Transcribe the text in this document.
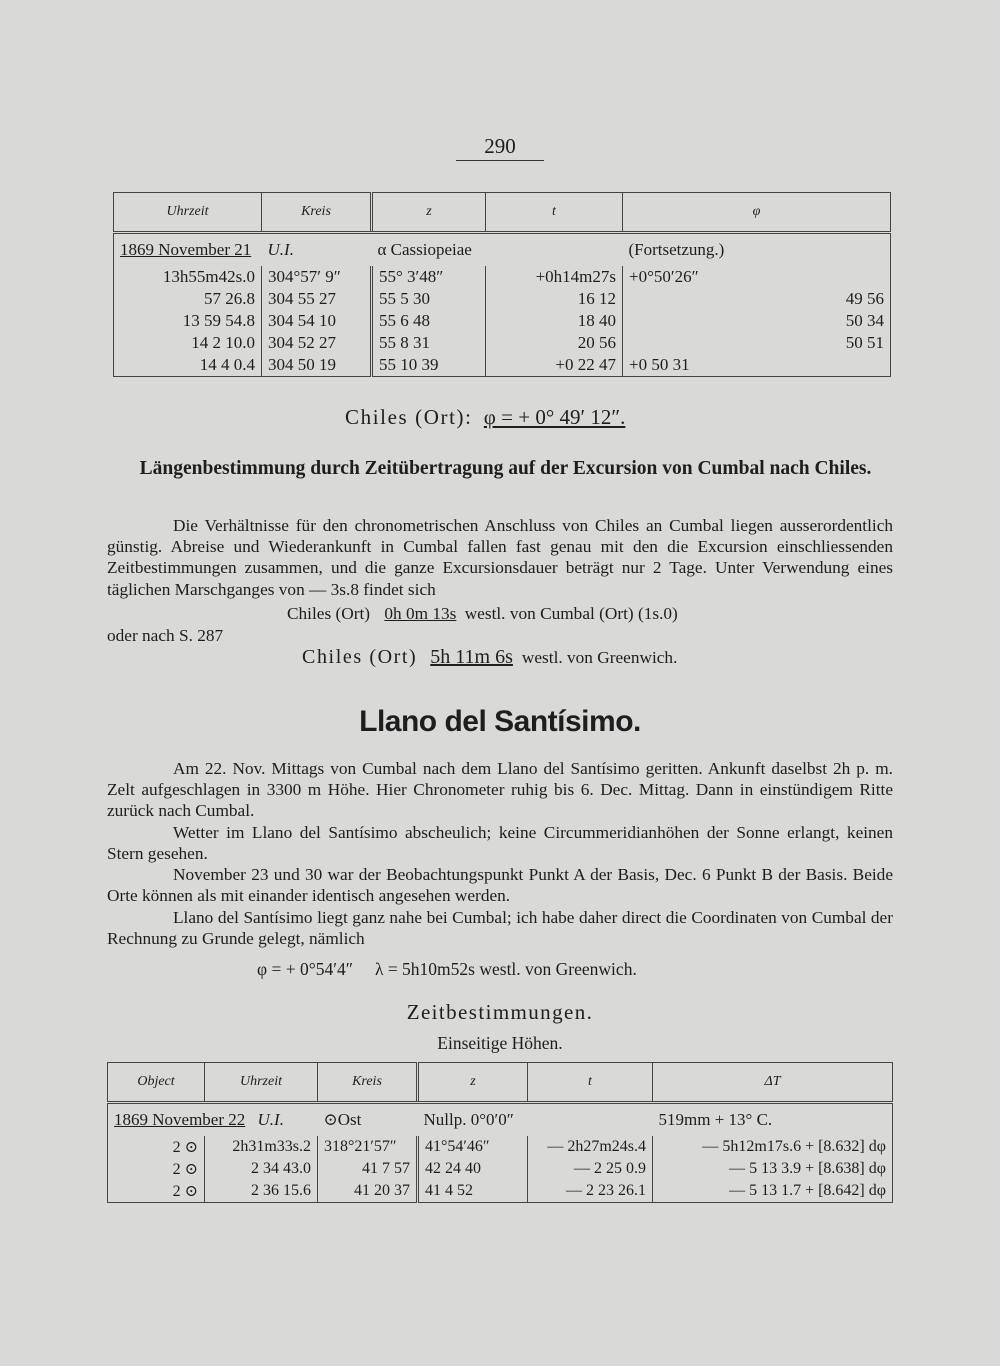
290
Uhrzeit	Kreis	z	t	φ
1869 November 21	U.I.	α Cassiopeiae		(Fortsetzung.)
13h55m42s.0	304°57′ 9″	55° 3′48″	+0h14m27s	+0°50′26″
57 26.8	304 55 27	55 5 30	16 12	49 56
13 59 54.8	304 54 10	55 6 48	18 40	50 34
14 2 10.0	304 52 27	55 8 31	20 56	50 51
14 4 0.4	304 50 19	55 10 39	+0 22 47	+0 50 31
Chiles (Ort): φ = + 0° 49′ 12″.
Längenbestimmung durch Zeitübertragung auf der Excursion von Cumbal nach Chiles.
Die Verhältnisse für den chronometrischen Anschluss von Chiles an Cumbal liegen ausserordentlich günstig. Abreise und Wiederankunft in Cumbal fallen fast genau mit den die Excursion einschliessenden Zeitbestimmungen zusammen, und die ganze Excursionsdauer beträgt nur 2 Tage. Unter Verwendung eines täglichen Marschganges von — 3s.8 findet sich
Chiles (Ort) 0h 0m 13s westl. von Cumbal (Ort) (1s.0)
oder nach S. 287
Chiles (Ort) 5h 11m 6s westl. von Greenwich.
Llano del Santísimo.
Am 22. Nov. Mittags von Cumbal nach dem Llano del Santísimo geritten. Ankunft daselbst 2h p. m. Zelt aufgeschlagen in 3300 m Höhe. Hier Chronometer ruhig bis 6. Dec. Mittag. Dann in einstündigem Ritte zurück nach Cumbal.
Wetter im Llano del Santísimo abscheulich; keine Circummeridianhöhen der Sonne erlangt, keinen Stern gesehen.
November 23 und 30 war der Beobachtungspunkt Punkt A der Basis, Dec. 6 Punkt B der Basis. Beide Orte können als mit einander identisch angesehen werden.
Llano del Santísimo liegt ganz nahe bei Cumbal; ich habe daher direct die Coordinaten von Cumbal der Rechnung zu Grunde gelegt, nämlich
φ = + 0°54′4″     λ = 5h10m52s westl. von Greenwich.
Zeitbestimmungen.
Einseitige Höhen.
Object	Uhrzeit	Kreis	z	t	ΔT
1869 November 22 U.I.		⊙Ost	Nullp. 0°0′0″		519mm + 13° C.
2 ⊙	2h31m33s.2	318°21′57″	41°54′46″	— 2h27m24s.4	— 5h12m17s.6 + [8.632] dφ
2 ⊙	2 34 43.0	41 7 57	42 24 40	— 2 25 0.9	— 5 13 3.9 + [8.638] dφ
2 ⊙	2 36 15.6	41 20 37	41 4 52	— 2 23 26.1	— 5 13 1.7 + [8.642] dφ
